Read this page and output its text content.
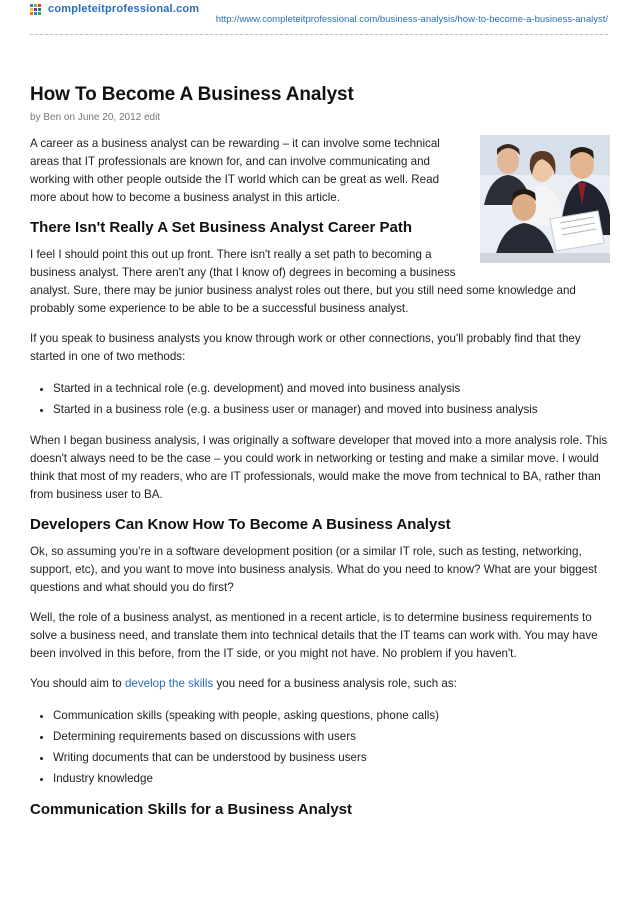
completeitprofessional.com
http://www.completeitprofessional.com/business-analysis/how-to-become-a-business-analyst/
How To Become A Business Analyst
by Ben on June 20, 2012 edit

A career as a business analyst can be rewarding – it can involve some technical areas that IT professionals are known for, and can involve communicating and working with other people outside the IT world which can be great as well. Read more about how to become a business analyst in this article.

There Isn't Really A Set Business Analyst Career Path

I feel I should point this out up front. There isn't really a set path to becoming a business analyst. There aren't any (that I know of) degrees in becoming a business analyst. Sure, there may be junior business analyst roles out there, but you still need some knowledge and probably some experience to be able to be a successful business analyst.

If you speak to business analysts you know through work or other connections, you'll probably find that they started in one of two methods:

• Started in a technical role (e.g. development) and moved into business analysis
• Started in a business role (e.g. a business user or manager) and moved into business analysis

When I began business analysis, I was originally a software developer that moved into a more analysis role. This doesn't always need to be the case – you could work in networking or testing and make a similar move. I would think that most of my readers, who are IT professionals, would make the move from technical to BA, rather than from business user to BA.

Developers Can Know How To Become A Business Analyst

Ok, so assuming you're in a software development position (or a similar IT role, such as testing, networking, support, etc), and you want to move into business analysis. What do you need to know? What are your biggest questions and what should you do first?

Well, the role of a business analyst, as mentioned in a recent article, is to determine business requirements to solve a business need, and translate them into technical details that the IT teams can work with. You may have been involved in this before, from the IT side, or you might not have. No problem if you haven't.

You should aim to develop the skills you need for a business analysis role, such as:

• Communication skills (speaking with people, asking questions, phone calls)
• Determining requirements based on discussions with users
• Writing documents that can be understood by business users
• Industry knowledge
Communication Skills for a Business Analyst
